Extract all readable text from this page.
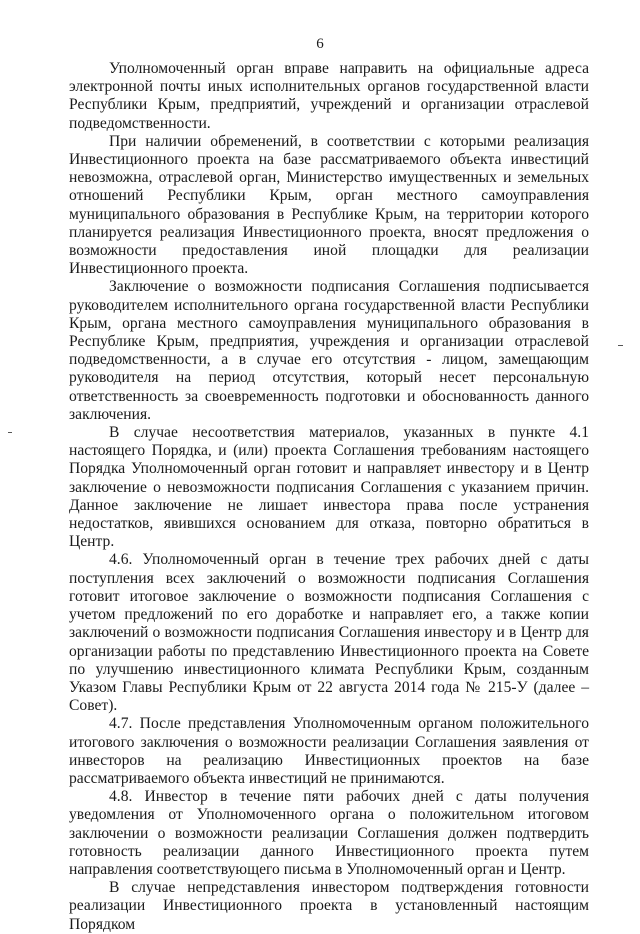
6

Уполномоченный орган вправе направить на официальные адреса электронной почты иных исполнительных органов государственной власти Республики Крым, предприятий, учреждений и организации отраслевой подведомственности.

При наличии обременений, в соответствии с которыми реализация Инвестиционного проекта на базе рассматриваемого объекта инвестиций невозможна, отраслевой орган, Министерство имущественных и земельных отношений Республики Крым, орган местного самоуправления муниципального образования в Республике Крым, на территории которого планируется реализация Инвестиционного проекта, вносят предложения о возможности предоставления иной площадки для реализации Инвестиционного проекта.

Заключение о возможности подписания Соглашения подписывается руководителем исполнительного органа государственной власти Республики Крым, органа местного самоуправления муниципального образования в Республике Крым, предприятия, учреждения и организации отраслевой подведомственности, а в случае его отсутствия - лицом, замещающим руководителя на период отсутствия, который несет персональную ответственность за своевременность подготовки и обоснованность данного заключения.

В случае несоответствия материалов, указанных в пункте 4.1 настоящего Порядка, и (или) проекта Соглашения требованиям настоящего Порядка Уполномоченный орган готовит и направляет инвестору и в Центр заключение о невозможности подписания Соглашения с указанием причин. Данное заключение не лишает инвестора права после устранения недостатков, явившихся основанием для отказа, повторно обратиться в Центр.

4.6. Уполномоченный орган в течение трех рабочих дней с даты поступления всех заключений о возможности подписания Соглашения готовит итоговое заключение о возможности подписания Соглашения с учетом предложений по его доработке и направляет его, а также копии заключений о возможности подписания Соглашения инвестору и в Центр для организации работы по представлению Инвестиционного проекта на Совете по улучшению инвестиционного климата Республики Крым, созданным Указом Главы Республики Крым от 22 августа 2014 года № 215-У (далее – Совет).

4.7. После представления Уполномоченным органом положительного итогового заключения о возможности реализации Соглашения заявления от инвесторов на реализацию Инвестиционных проектов на базе рассматриваемого объекта инвестиций не принимаются.

4.8. Инвестор в течение пяти рабочих дней с даты получения уведомления от Уполномоченного органа о положительном итоговом заключении о возможности реализации Соглашения должен подтвердить готовность реализации данного Инвестиционного проекта путем направления соответствующего письма в Уполномоченный орган и Центр.

В случае непредставления инвестором подтверждения готовности реализации Инвестиционного проекта в установленный настоящим Порядком
